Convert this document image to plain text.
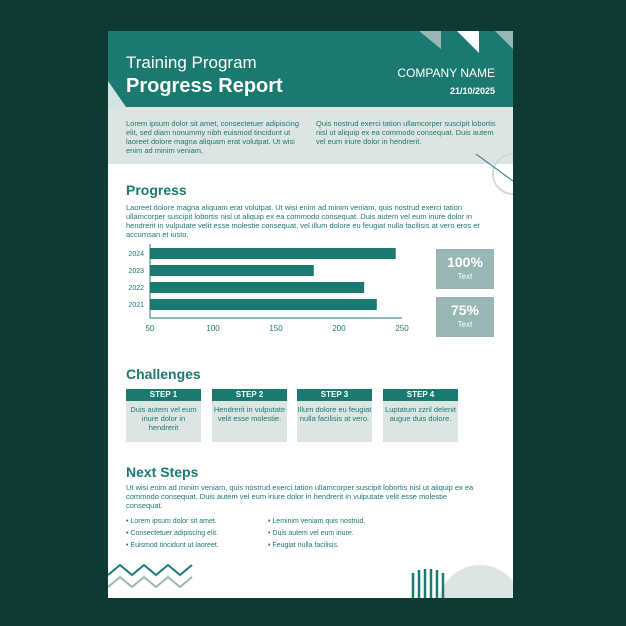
Training Program
Progress Report
COMPANY NAME
21/10/2025
Lorem ipsum dolor sit amet, consectetuer adipiscing elit, sed diam nonummy nibh euismod tincidunt ut laoreet dolore magna aliquam erat volutpat. Ut wisi enim ad minim veniam,
Quis nostrud exerci tation ullamcorper suscipit lobortis nisl ut aliquip ex ea commodo consequat. Duis autem vel eum iriure dolor in hendrerit.
Progress
Laoreet dolore magna aliquam erat volutpat. Ut wisi enim ad minim veniam, quis nostrud exerci tation ullamcorper suscipit lobortis nisl ut aliquip ex ea commodo consequat. Duis autem vel eum iriure dolor in hendrerit in vulputate velit esse molestie consequat, vel illum dolore eu feugiat nulla facilisis at vero eros et accumsan et iusto.
2024
2023
2022
2021
50	100	150	200	250
100%
Text
75%
Text
Challenges
STEP 1
Duis autem vel eum iriure dolor in hendrerit
STEP 2
Hendrerit in vulputate velit esse molestie.
STEP 3
Illum dolore eu feugiat nulla facilisis at vero.
STEP 4
Luptatum zzril delenit augue duis dolore.
Next Steps
Ut wisi enim ad minim veniam, quis nostrud exerci tation ullamcorper suscipit lobortis nisl ut aliquip ex ea commodo consequat. Duis autem vel eum iriure dolor in hendrerit in vulputate velit esse molestie consequat.
• Lorem ipsum dolor sit amet.
• Consectetuer adipiscing elit.
• Euismod tincidunt ut laoreet.
• Leminim veniam quis nostrud.
• Duis autem vel eum iriure.
• Feugiat nulla facilisis.
